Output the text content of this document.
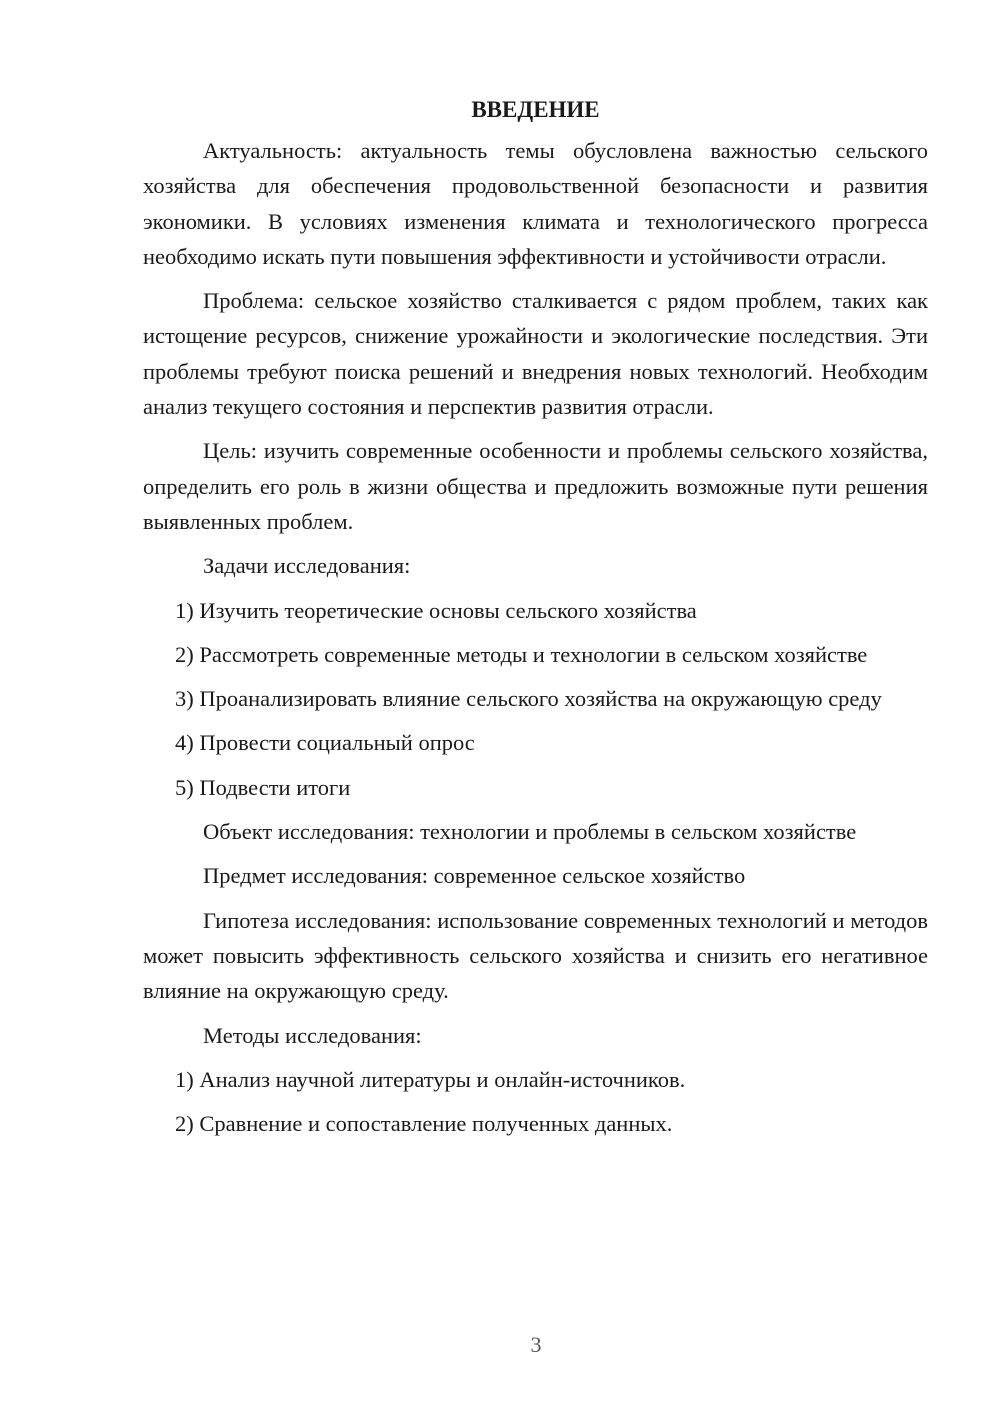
ВВЕДЕНИЕ

Актуальность: актуальность темы обусловлена важностью сельского хозяйства для обеспечения продовольственной безопасности и развития экономики. В условиях изменения климата и технологического прогресса необходимо искать пути повышения эффективности и устойчивости отрасли.

Проблема: сельское хозяйство сталкивается с рядом проблем, таких как истощение ресурсов, снижение урожайности и экологические последствия. Эти проблемы требуют поиска решений и внедрения новых технологий. Необходим анализ текущего состояния и перспектив развития отрасли.

Цель: изучить современные особенности и проблемы сельского хозяйства, определить его роль в жизни общества и предложить возможные пути решения выявленных проблем.

Задачи исследования:

1) Изучить теоретические основы сельского хозяйства

2) Рассмотреть современные методы и технологии в сельском хозяйстве

3) Проанализировать влияние сельского хозяйства на окружающую среду

4) Провести социальный опрос

5) Подвести итоги

Объект исследования: технологии и проблемы в сельском хозяйстве

Предмет исследования: современное сельское хозяйство

Гипотеза исследования: использование современных технологий и методов может повысить эффективность сельского хозяйства и снизить его негативное влияние на окружающую среду.

Методы исследования:

1) Анализ научной литературы и онлайн-источников.

2) Сравнение и сопоставление полученных данных.

3
